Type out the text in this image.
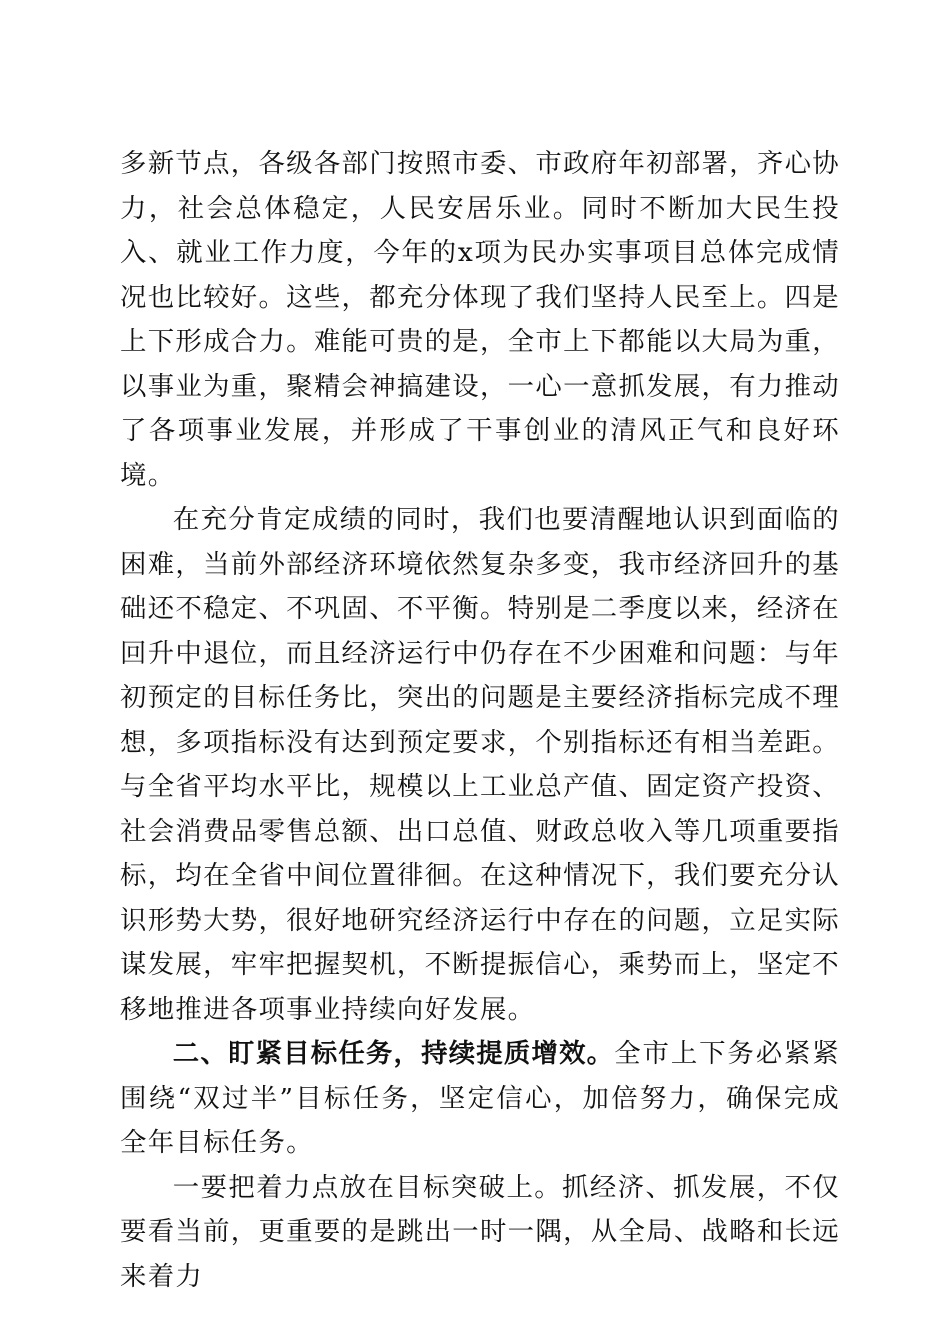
多新节点，各级各部门按照市委、市政府年初部署，齐心协力，社会总体稳定，人民安居乐业。同时不断加大民生投入、就业工作力度，今年的x项为民办实事项目总体完成情况也比较好。这些，都充分体现了我们坚持人民至上。四是上下形成合力。难能可贵的是，全市上下都能以大局为重，以事业为重，聚精会神搞建设，一心一意抓发展，有力推动了各项事业发展，并形成了干事创业的清风正气和良好环境。

在充分肯定成绩的同时，我们也要清醒地认识到面临的困难，当前外部经济环境依然复杂多变，我市经济回升的基础还不稳定、不巩固、不平衡。特别是二季度以来，经济在回升中退位，而且经济运行中仍存在不少困难和问题：与年初预定的目标任务比，突出的问题是主要经济指标完成不理想，多项指标没有达到预定要求，个别指标还有相当差距。与全省平均水平比，规模以上工业总产值、固定资产投资、社会消费品零售总额、出口总值、财政总收入等几项重要指标，均在全省中间位置徘徊。在这种情况下，我们要充分认识形势大势，很好地研究经济运行中存在的问题，立足实际谋发展，牢牢把握契机，不断提振信心，乘势而上，坚定不移地推进各项事业持续向好发展。

二、盯紧目标任务，持续提质增效。全市上下务必紧紧围绕“双过半”目标任务，坚定信心，加倍努力，确保完成全年目标任务。

一要把着力点放在目标突破上。抓经济、抓发展，不仅要看当前，更重要的是跳出一时一隅，从全局、战略和长远来着力
